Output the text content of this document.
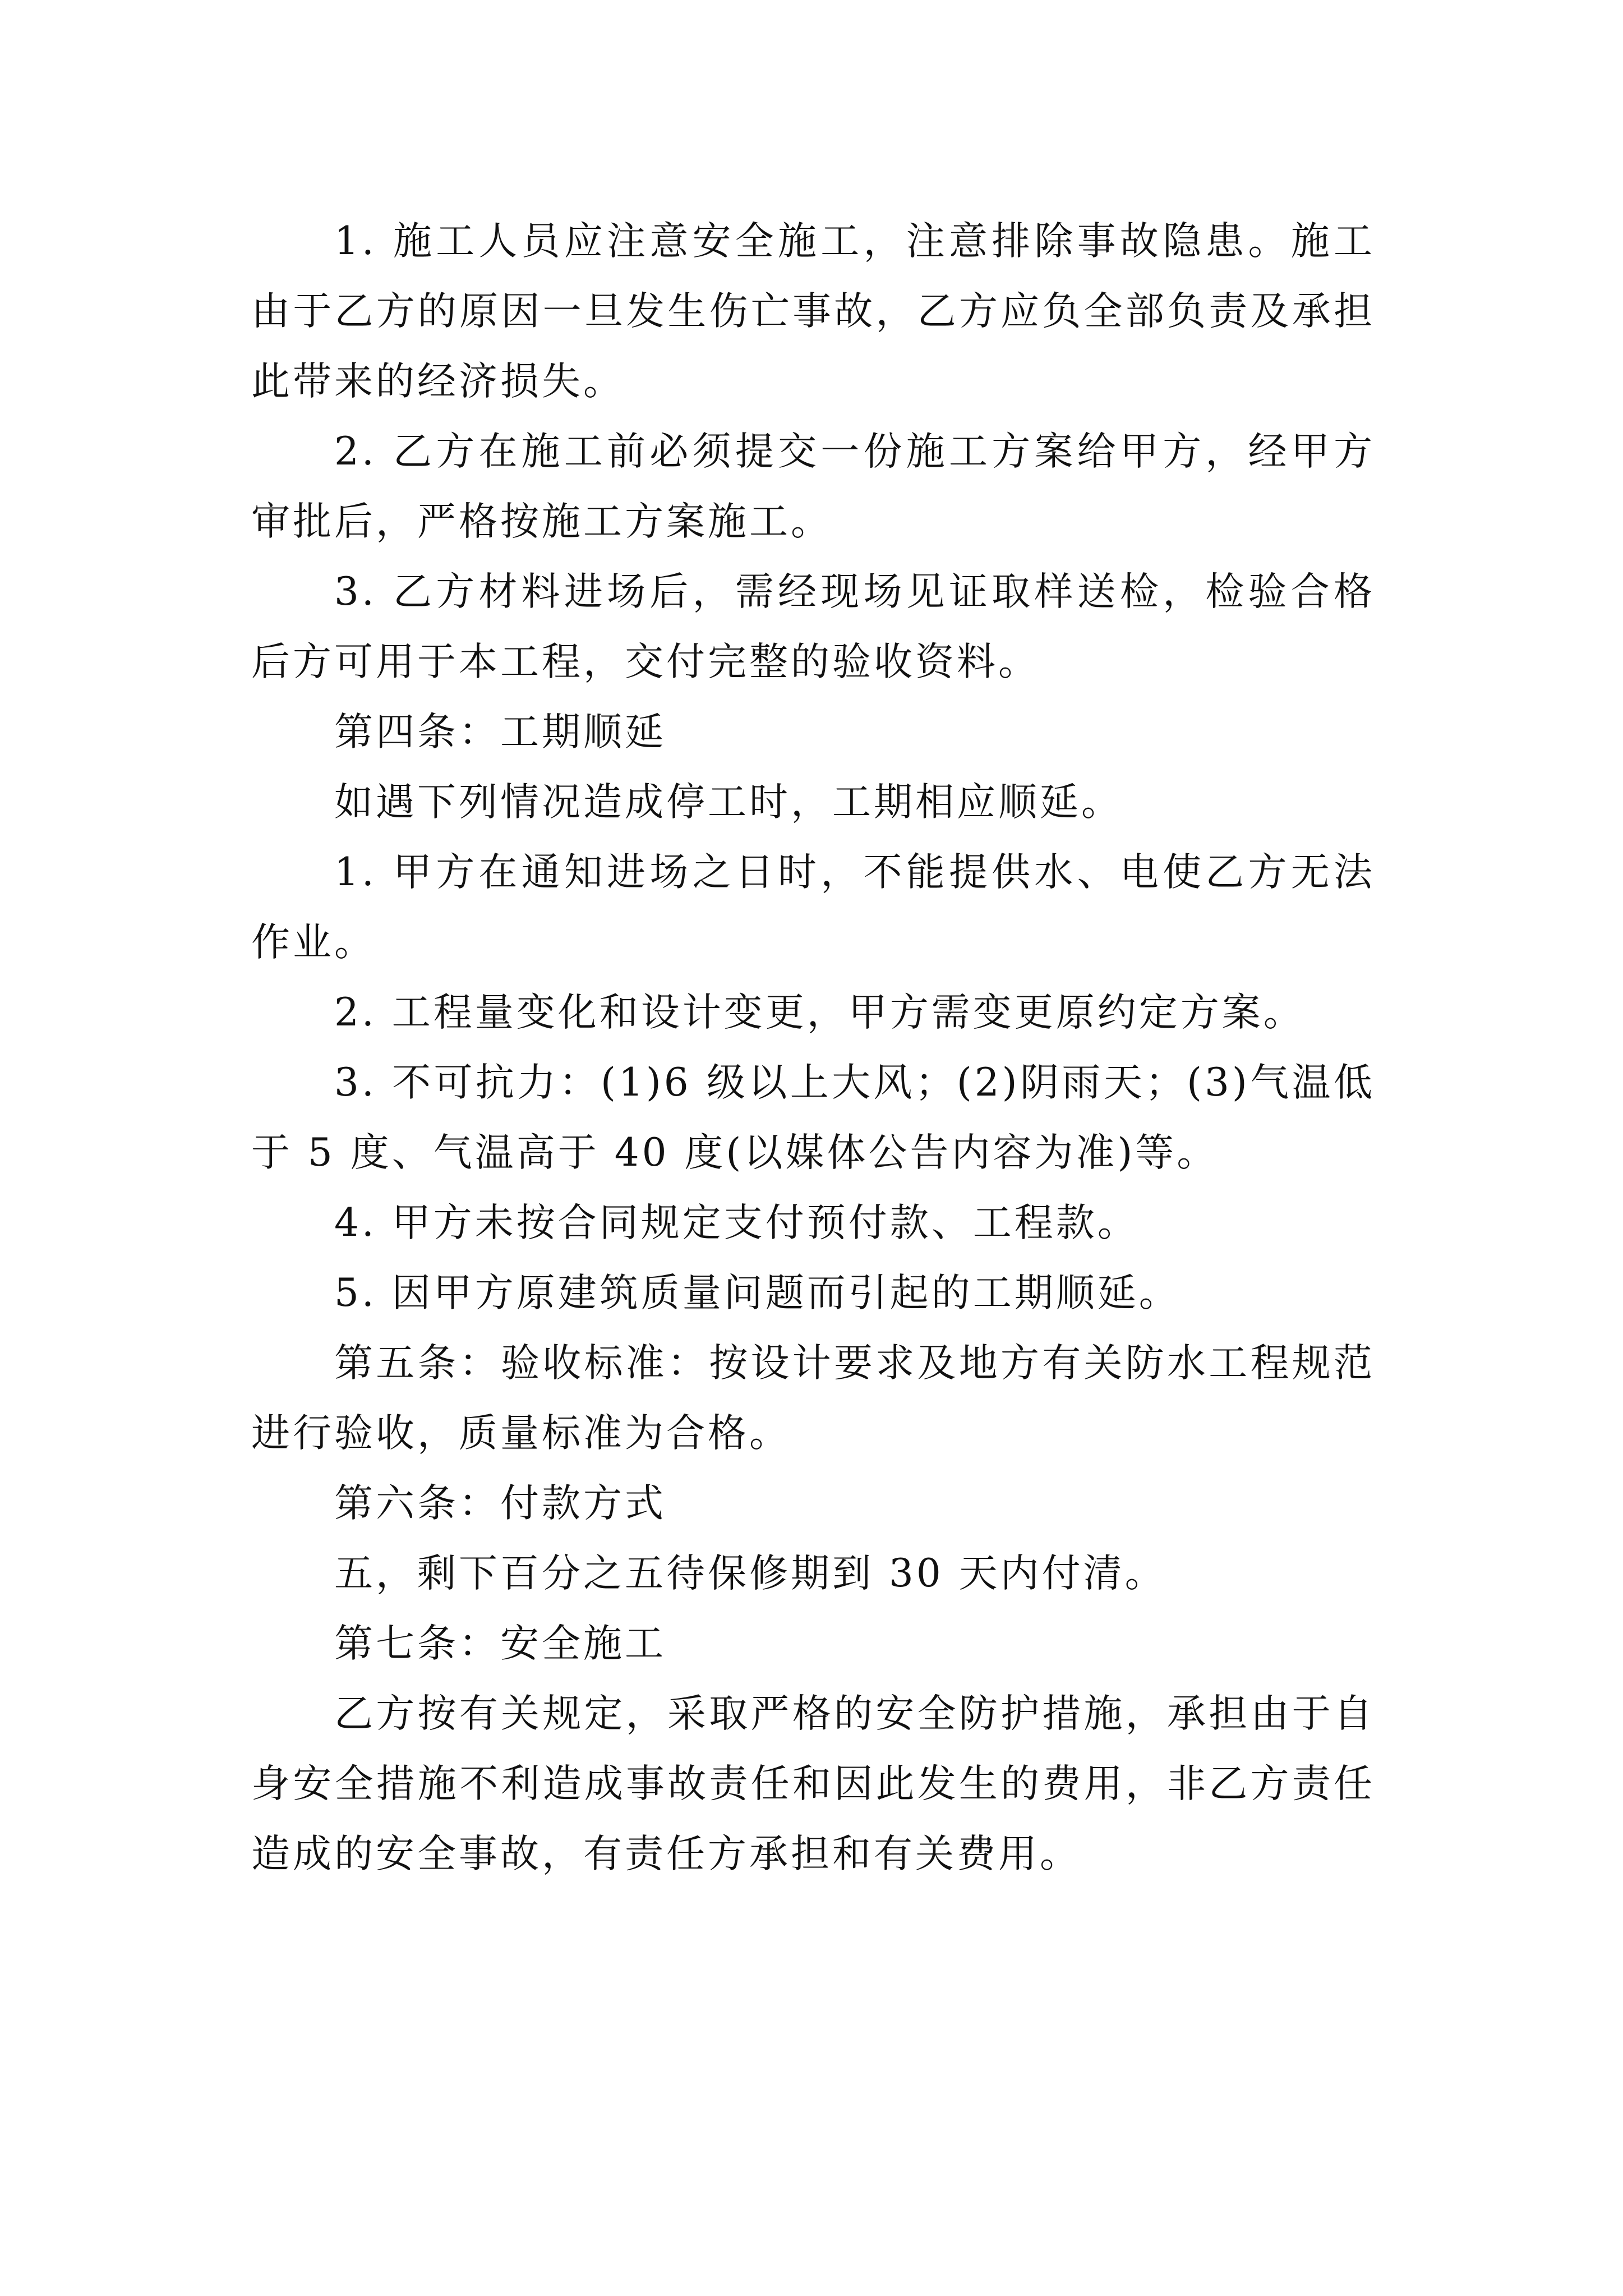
1. 施工人员应注意安全施工，注意排除事故隐患。施工由于乙方的原因一旦发生伤亡事故，乙方应负全部负责及承担此带来的经济损失。

2. 乙方在施工前必须提交一份施工方案给甲方，经甲方审批后，严格按施工方案施工。

3. 乙方材料进场后，需经现场见证取样送检，检验合格后方可用于本工程，交付完整的验收资料。

第四条：工期顺延

如遇下列情况造成停工时，工期相应顺延。

1. 甲方在通知进场之日时，不能提供水、电使乙方无法作业。

2. 工程量变化和设计变更，甲方需变更原约定方案。

3. 不可抗力：(1)6 级以上大风；(2)阴雨天；(3)气温低于 5 度、气温高于 40 度(以媒体公告内容为准)等。

4. 甲方未按合同规定支付预付款、工程款。

5. 因甲方原建筑质量问题而引起的工期顺延。

第五条：验收标准：按设计要求及地方有关防水工程规范进行验收，质量标准为合格。

第六条：付款方式

五，剩下百分之五待保修期到 30 天内付清。

第七条：安全施工

乙方按有关规定，采取严格的安全防护措施，承担由于自身安全措施不利造成事故责任和因此发生的费用，非乙方责任造成的安全事故，有责任方承担和有关费用。
